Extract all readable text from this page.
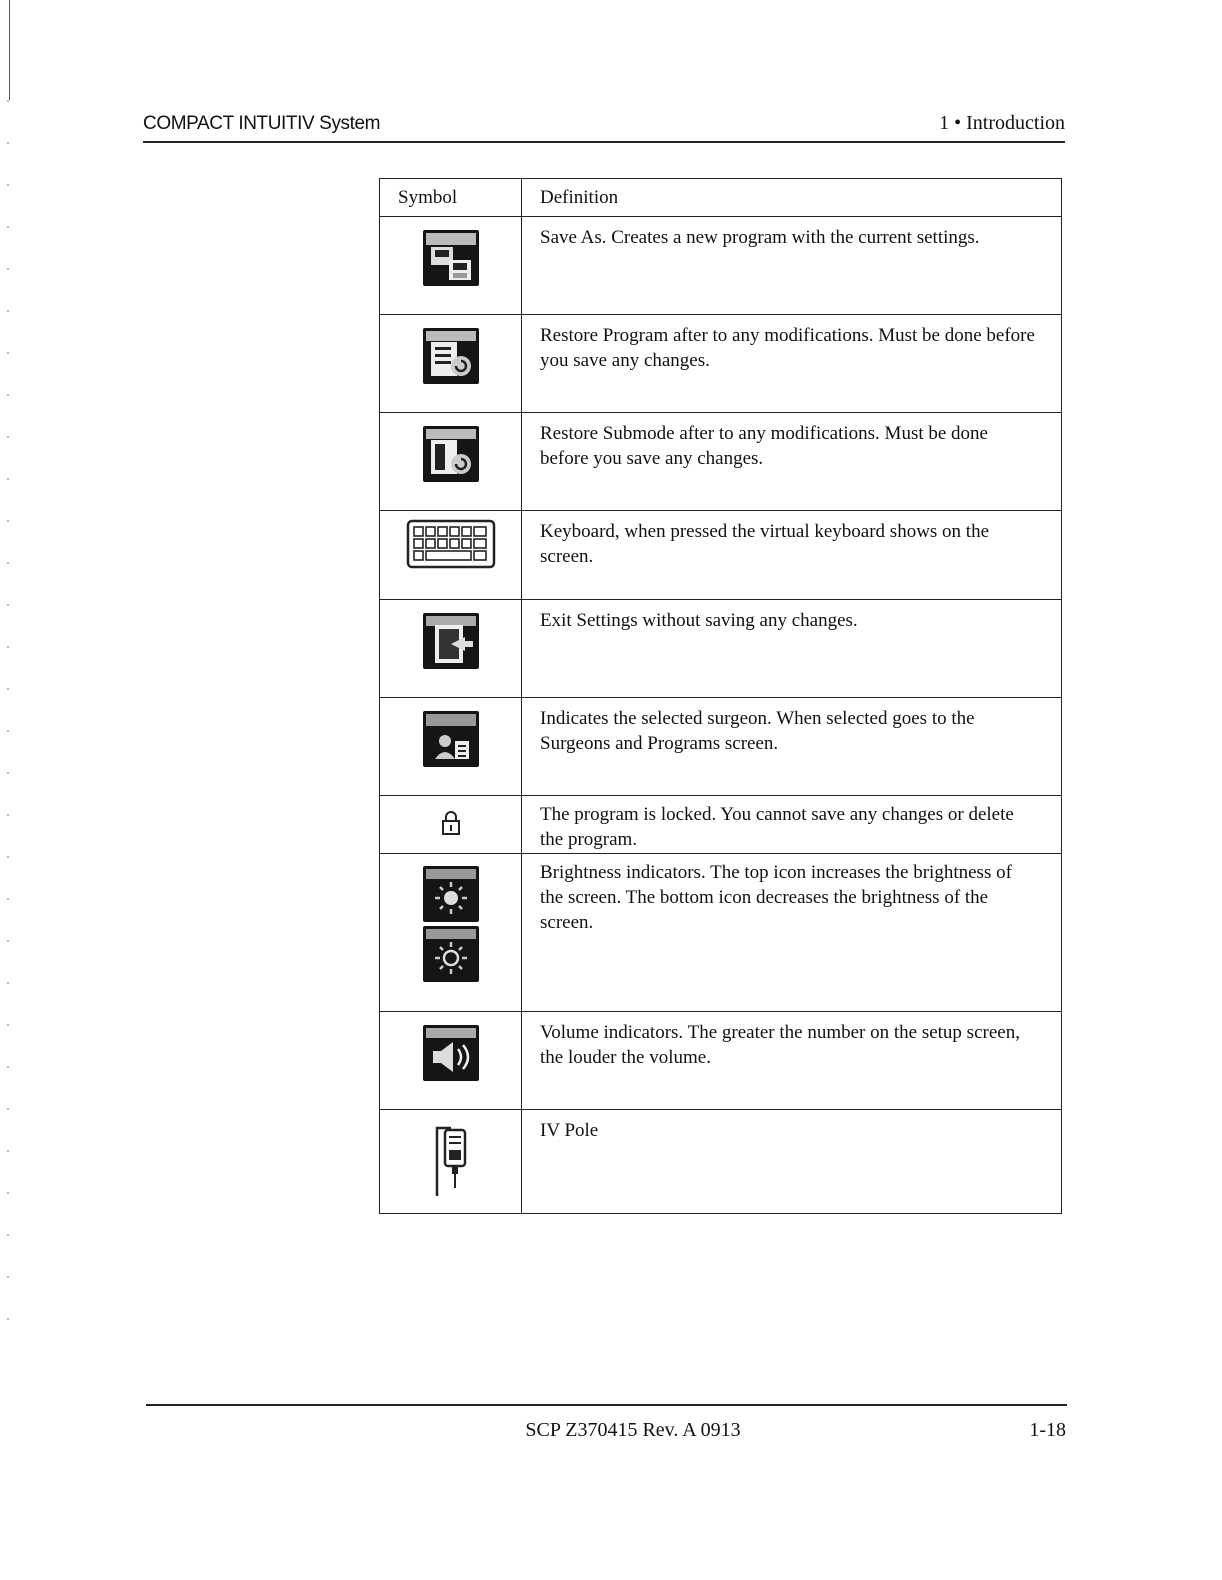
COMPACT INTUITIV System	1 • Introduction
Symbol	Definition

Save As. Creates a new program with the current settings.

Restore Program after to any modifications. Must be done before you save any changes.

Restore Submode after to any modifications. Must be done before you save any changes.

Keyboard, when pressed the virtual keyboard shows on the screen.

Exit Settings without saving any changes.

Indicates the selected surgeon. When selected goes to the Surgeons and Programs screen.

The program is locked. You cannot save any changes or delete the program.

Brightness indicators. The top icon increases the brightness of the screen. The bottom icon decreases the brightness of the screen.

Volume indicators. The greater the number on the setup screen, the louder the volume.

IV Pole
SCP Z370415 Rev. A 0913	1-18
